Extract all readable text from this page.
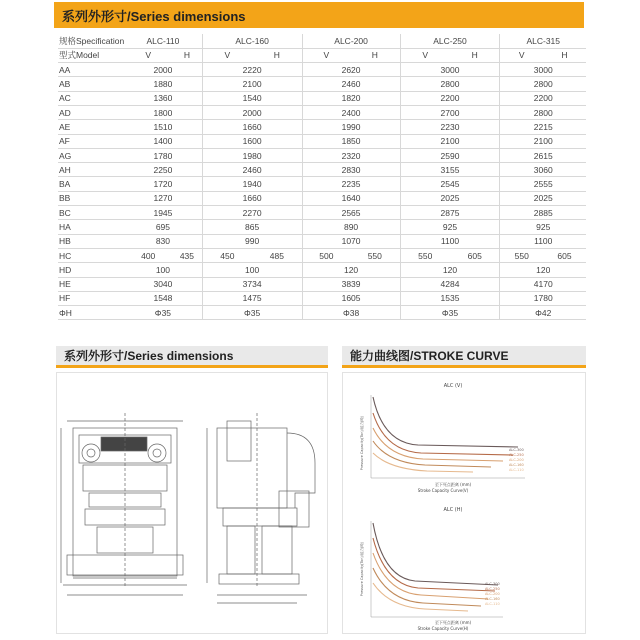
系列外形寸/Series dimensions
规格Specification	ALC-110		ALC-160		ALC-200		ALC-250		ALC-315	
型式Model	V	H	V	H	V	H	V	H	V	H
AA	2000		2220		2620		3000		3000	
AB	1880		2100		2460		2800		2800	
AC	1360		1540		1820		2200		2200	
AD	1800		2000		2400		2700		2800	
AE	1510		1660		1990		2230		2215	
AF	1400		1600		1850		2100		2100	
AG	1780		1980		2320		2590		2615	
AH	2250		2460		2830		3155		3060	
BA	1720		1940		2235		2545		2555	
BB	1270		1660		1640		2025		2025	
BC	1945		2270		2565		2875		2885	
HA	695		865		890		925		925	
HB	830		990		1070		1100		1100	
HC	400	435	450	485	500	550	550	605	550	605
HD	100		100		120		120		120	
HE	3040		3734		3839		4284		4170	
HF	1548		1475		1605		1535		1780	
ΦH	Φ35		Φ35		Φ38		Φ35		Φ42	
系列外形寸/Series dimensions	能力曲线图/STROKE CURVE
ALC (V)
Pressure Capacity(Ton)/能力(吨)
至下死点距离 (mm)
Stroke Capacity Curve(V)
ALC-300
ALC-250
ALC-200
ALC-160
ALC-110
ALC (H)
Pressure Capacity(Ton)/能力(吨)
至下死点距离 (mm)
Stroke Capacity Curve(H)
ALC-300
ALC-250
ALC-200
ALC-160
ALC-110
